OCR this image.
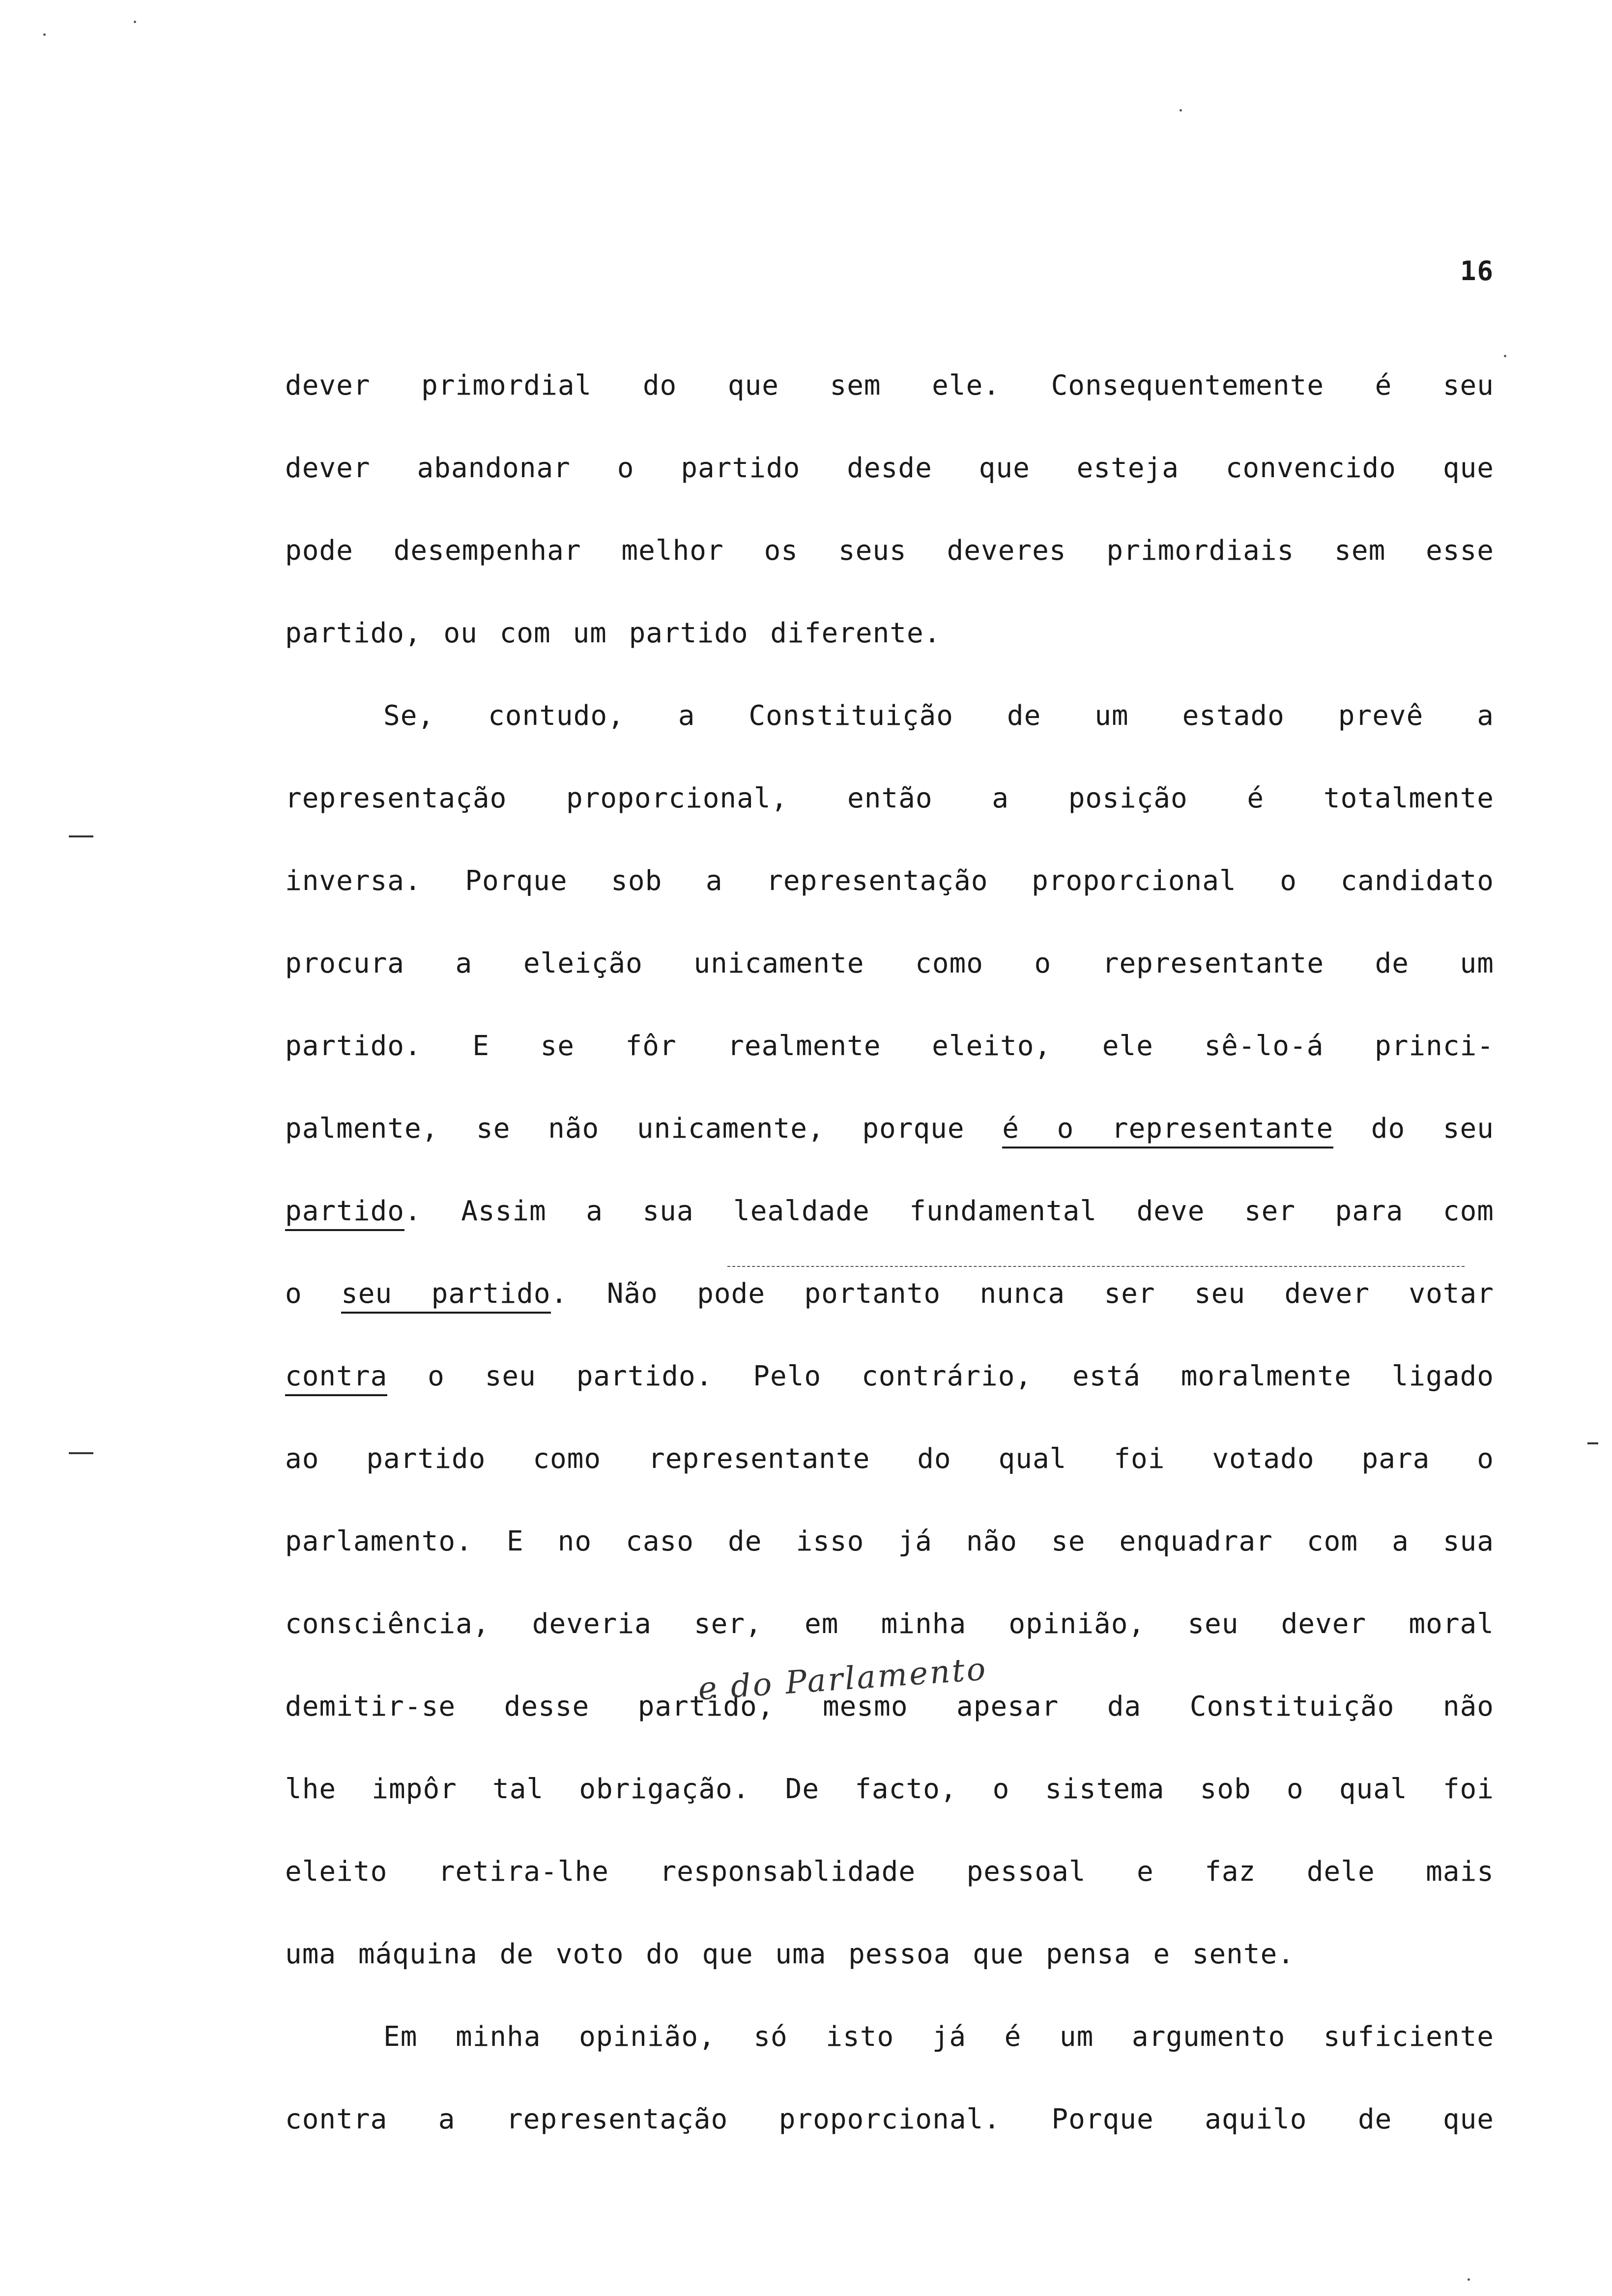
16
dever primordial do que sem ele. Consequentemente é seu
dever abandonar o partido desde que esteja convencido que
pode desempenhar melhor os seus deveres primordiais sem esse
partido, ou com um partido diferente.
Se, contudo, a Constituição de um estado prevê a
representação proporcional, então a posição é totalmente
inversa. Porque sob a representação proporcional o candidato
procura a eleição unicamente como o representante de um
partido. E se fôr realmente eleito, ele sê-lo-á princi-
palmente, se não unicamente, porque é o representante do seu
partido. Assim a sua lealdade fundamental deve ser para com
o seu partido. Não pode portanto nunca ser seu dever votar
contra o seu partido. Pelo contrário, está moralmente ligado
ao partido como representante do qual foi votado para o
parlamento. E no caso de isso já não se enquadrar com a sua
consciência, deveria ser, em minha opinião, seu dever moral
demitir-se desse partido, mesmo apesar da Constituição não
lhe impôr tal obrigação. De facto, o sistema sob o qual foi
eleito retira-lhe responsablidade pessoal e faz dele mais
uma máquina de voto do que uma pessoa que pensa e sente.
Em minha opinião, só isto já é um argumento suficiente
contra a representação proporcional. Porque aquilo de que
e do Parlamento
